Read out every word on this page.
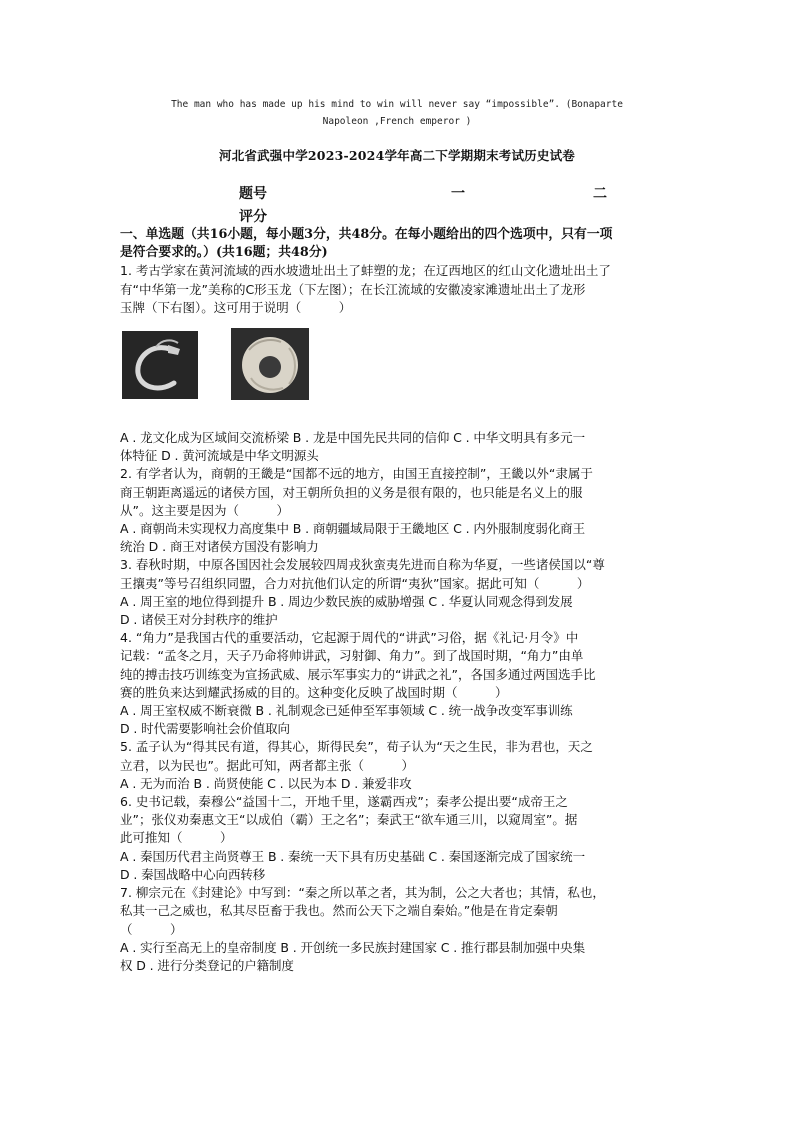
The man who has made up his mind to win will never say “impossible”. (Bonaparte
Napoleon ,French emperor )
河北省武强中学2023-2024学年高二下学期期末考试历史试卷
题号	一	二
评分

一、单选题（共16小题，每小题3分，共48分。在每小题给出的四个选项中，只有一项

是符合要求的。）(共16题；共48分)

1. 考古学家在黄河流域的西水坡遗址出土了蚌塑的龙；在辽西地区的红山文化遗址出土了

有“中华第一龙”美称的C形玉龙（下左图）；在长江流域的安徽凌家滩遗址出土了龙形

玉牌（下右图）。这可用于说明（　　　）

A . 龙文化成为区域间交流桥梁 B . 龙是中国先民共同的信仰 C . 中华文明具有多元一

体特征 D . 黄河流域是中华文明源头

2. 有学者认为，商朝的王畿是“国都不远的地方，由国王直接控制”，王畿以外“隶属于

商王朝距离遥远的诸侯方国，对王朝所负担的义务是很有限的，也只能是名义上的服

从”。这主要是因为（　　　）

A . 商朝尚未实现权力高度集中 B . 商朝疆域局限于王畿地区 C . 内外服制度弱化商王

统治 D . 商王对诸侯方国没有影响力

3. 春秋时期，中原各国因社会发展较四周戎狄蛮夷先进而自称为华夏，一些诸侯国以“尊

王攘夷”等号召组织同盟，合力对抗他们认定的所谓“夷狄”国家。据此可知（　　　）

A . 周王室的地位得到提升 B . 周边少数民族的威胁增强 C . 华夏认同观念得到发展

D . 诸侯王对分封秩序的维护

4. “角力”是我国古代的重要活动，它起源于周代的“讲武”习俗，据《礼记·月令》中

记载：“孟冬之月，天子乃命将帅讲武，习射御、角力”。到了战国时期，“角力”由单

纯的搏击技巧训练变为宣扬武威、展示军事实力的“讲武之礼”，各国多通过两国选手比

赛的胜负来达到耀武扬威的目的。这种变化反映了战国时期（　　　）

A . 周王室权威不断衰微 B . 礼制观念已延伸至军事领域 C . 统一战争改变军事训练

D . 时代需要影响社会价值取向

5. 孟子认为“得其民有道，得其心，斯得民矣”，荀子认为“天之生民，非为君也，天之

立君，以为民也”。据此可知，两者都主张（　　　）

A . 无为而治 B . 尚贤使能 C . 以民为本 D . 兼爱非攻

6. 史书记载，秦穆公“益国十二，开地千里，遂霸西戎”；秦孝公提出要“成帝王之

业”；张仪劝秦惠文王“以成伯（霸）王之名”；秦武王“欲车通三川，以窥周室”。据

此可推知（　　　）

A . 秦国历代君主尚贤尊王 B . 秦统一天下具有历史基础 C . 秦国逐渐完成了国家统一

D . 秦国战略中心向西转移

7. 柳宗元在《封建论》中写到：“秦之所以革之者，其为制，公之大者也；其情，私也，

私其一己之威也，私其尽臣畜于我也。然而公天下之端自秦始。”他是在肯定秦朝

（　　　）

A . 实行至高无上的皇帝制度 B . 开创统一多民族封建国家 C . 推行郡县制加强中央集

权 D . 进行分类登记的户籍制度
